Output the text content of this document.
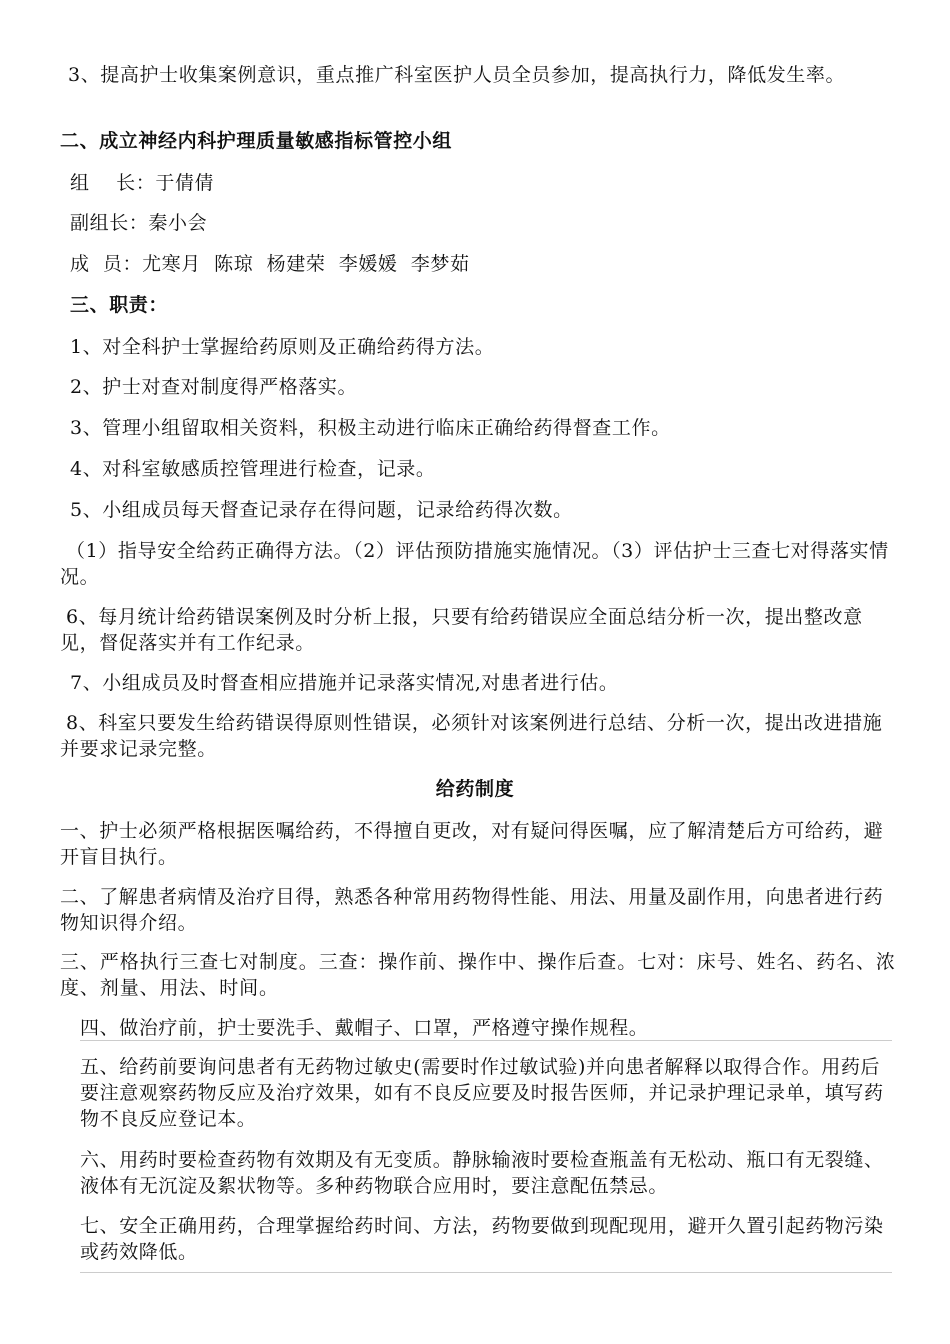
3、提高护士收集案例意识，重点推广科室医护人员全员参加，提高执行力，降低发生率。

二、成立神经内科护理质量敏感指标管控小组

组    长：于倩倩

副组长：秦小会

成  员：尤寒月  陈琼  杨建荣  李媛媛  李梦茹

三、职责：

1、对全科护士掌握给药原则及正确给药得方法。

2、护士对查对制度得严格落实。

3、管理小组留取相关资料，积极主动进行临床正确给药得督查工作。

4、对科室敏感质控管理进行检查，记录。

5、小组成员每天督查记录存在得问题，记录给药得次数。

（1）指导安全给药正确得方法。（2）评估预防措施实施情况。（3）评估护士三查七对得落实情况。

6、每月统计给药错误案例及时分析上报，只要有给药错误应全面总结分析一次，提出整改意见，督促落实并有工作纪录。

7、小组成员及时督查相应措施并记录落实情况,对患者进行估。

8、科室只要发生给药错误得原则性错误，必须针对该案例进行总结、分析一次，提出改进措施并要求记录完整。

给药制度

一、护士必须严格根据医嘱给药，不得擅自更改，对有疑问得医嘱，应了解清楚后方可给药，避开盲目执行。

二、了解患者病情及治疗目得，熟悉各种常用药物得性能、用法、用量及副作用，向患者进行药物知识得介绍。

三、严格执行三查七对制度。三查：操作前、操作中、操作后查。七对：床号、姓名、药名、浓度、剂量、用法、时间。

四、做治疗前，护士要洗手、戴帽子、口罩，严格遵守操作规程。

五、给药前要询问患者有无药物过敏史(需要时作过敏试验)并向患者解释以取得合作。用药后要注意观察药物反应及治疗效果，如有不良反应要及时报告医师，并记录护理记录单，填写药物不良反应登记本。

六、用药时要检查药物有效期及有无变质。静脉输液时要检查瓶盖有无松动、瓶口有无裂缝、液体有无沉淀及絮状物等。多种药物联合应用时，要注意配伍禁忌。

七、安全正确用药，合理掌握给药时间、方法，药物要做到现配现用，避开久置引起药物污染或药效降低。
